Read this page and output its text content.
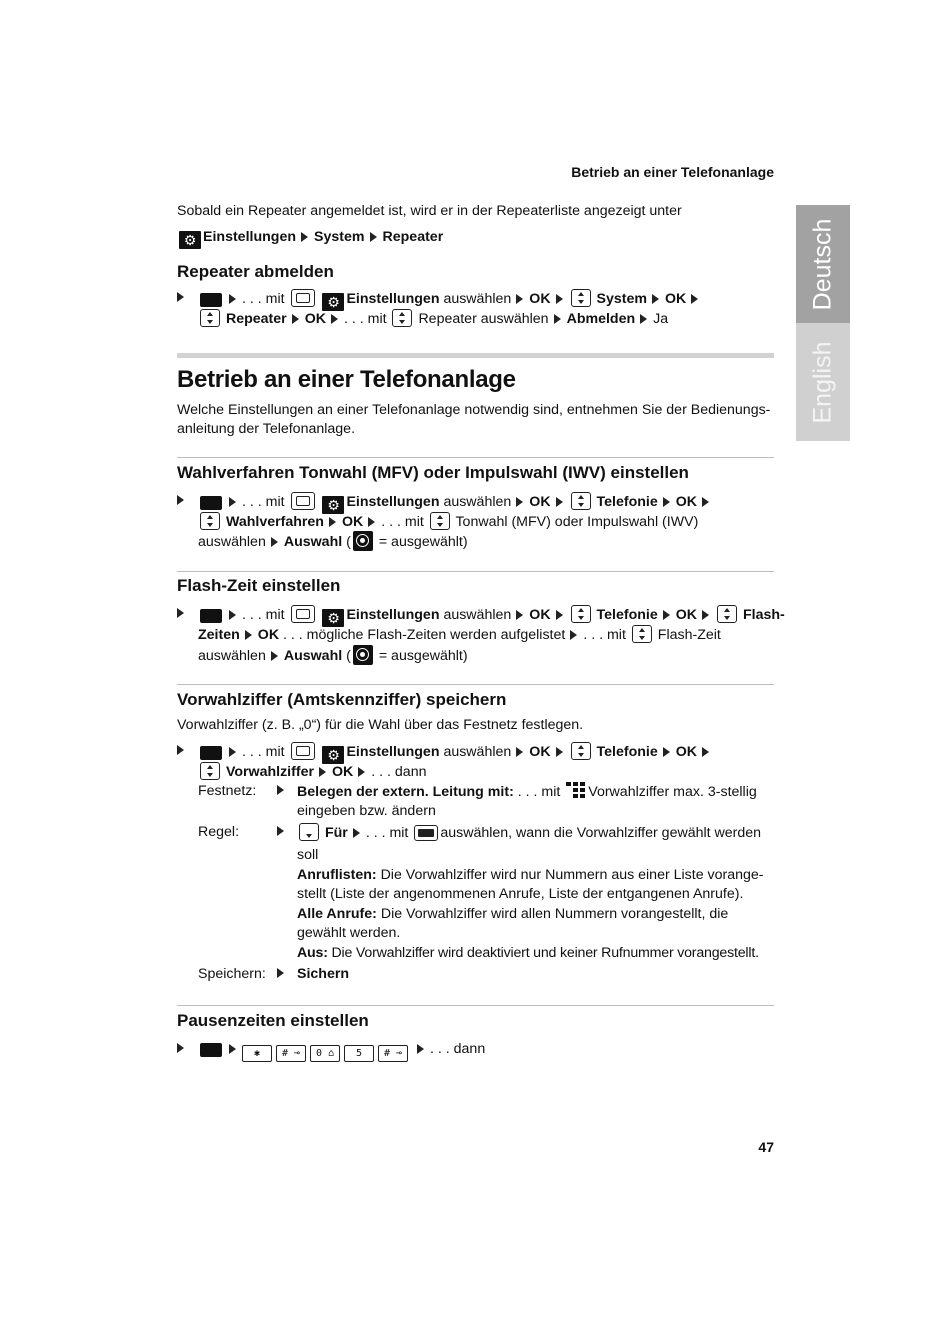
Betrieb an einer Telefonanlage
Sobald ein Repeater angemeldet ist, wird er in der Repeaterliste angezeigt unter
⚙ Einstellungen System Repeater
Repeater abmelden
. . . mit	⚙ Einstellungen auswählen OK	System OK
Repeater OK . . . mit Repeater auswählen Abmelden Ja
Betrieb an einer Telefonanlage
Welche Einstellungen an einer Telefonanlage notwendig sind, entnehmen Sie der Bedienungs-anleitung der Telefonanlage.
Wahlverfahren Tonwahl (MFV) oder Impulswahl (IWV) einstellen
. . . mit	⚙ Einstellungen auswählen OK	Telefonie OK
Wahlverfahren OK . . . mit Tonwahl (MFV) oder Impulswahl (IWV)
auswählen Auswahl ( = ausgewählt)
Flash-Zeit einstellen
. . . mit	⚙ Einstellungen auswählen OK	Telefonie OK	Flash-
Zeiten OK . . . mögliche Flash-Zeiten werden aufgelistet . . . mit Flash-Zeit
auswählen Auswahl ( = ausgewählt)
Vorwahlziffer (Amtskennziffer) speichern
Vorwahlziffer (z. B. „0“) für die Wahl über das Festnetz festlegen.
. . . mit	⚙ Einstellungen auswählen OK	Telefonie OK
Vorwahlziffer OK . . . dann
Festnetz:	Belegen der extern. Leitung mit: . . . mit Vorwahlziffer max. 3-stellig
eingeben bzw. ändern
Regel:	Für . . . mit auswählen, wann die Vorwahlziffer gewählt werden
soll
Anruflisten: Die Vorwahlziffer wird nur Nummern aus einer Liste vorange-stellt (Liste der angenommenen Anrufe, Liste der entgangenen Anrufe).
Alle Anrufe: Die Vorwahlziffer wird allen Nummern vorangestellt, die gewählt werden.
Aus: Die Vorwahlziffer wird deaktiviert und keiner Rufnummer vorangestellt.
Speichern: Sichern
Pausenzeiten einstellen
✱ # ⊸ 0 ⌂ 5 # ⊸ . . . dann
47
Deutsch
English
